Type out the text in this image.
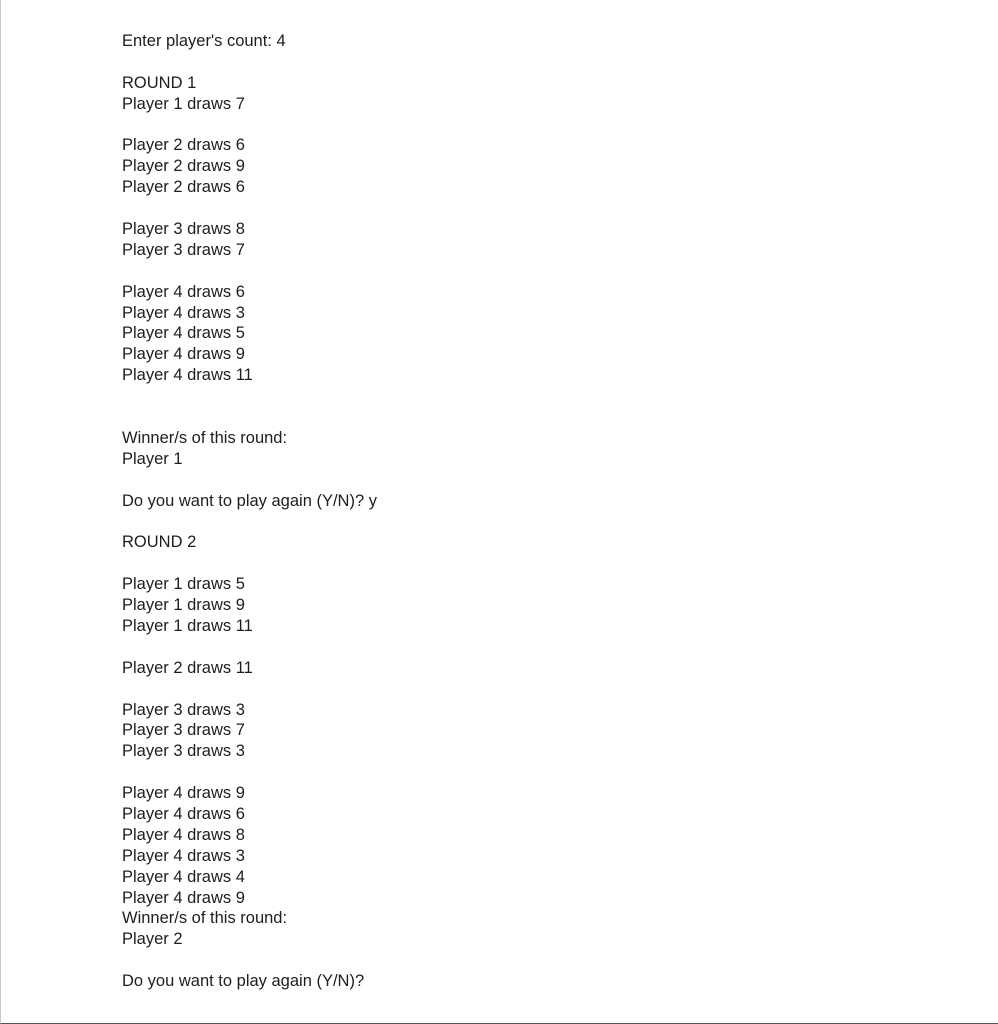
Enter player's count: 4
ROUND 1
Player 1 draws 7
Player 2 draws 6
Player 2 draws 9
Player 2 draws 6
Player 3 draws 8
Player 3 draws 7
Player 4 draws 6
Player 4 draws 3
Player 4 draws 5
Player 4 draws 9
Player 4 draws 11
Winner/s of this round:
Player 1
Do you want to play again (Y/N)? y
ROUND 2
Player 1 draws 5
Player 1 draws 9
Player 1 draws 11
Player 2 draws 11
Player 3 draws 3
Player 3 draws 7
Player 3 draws 3
Player 4 draws 9
Player 4 draws 6
Player 4 draws 8
Player 4 draws 3
Player 4 draws 4
Player 4 draws 9
Winner/s of this round:
Player 2
Do you want to play again (Y/N)?
